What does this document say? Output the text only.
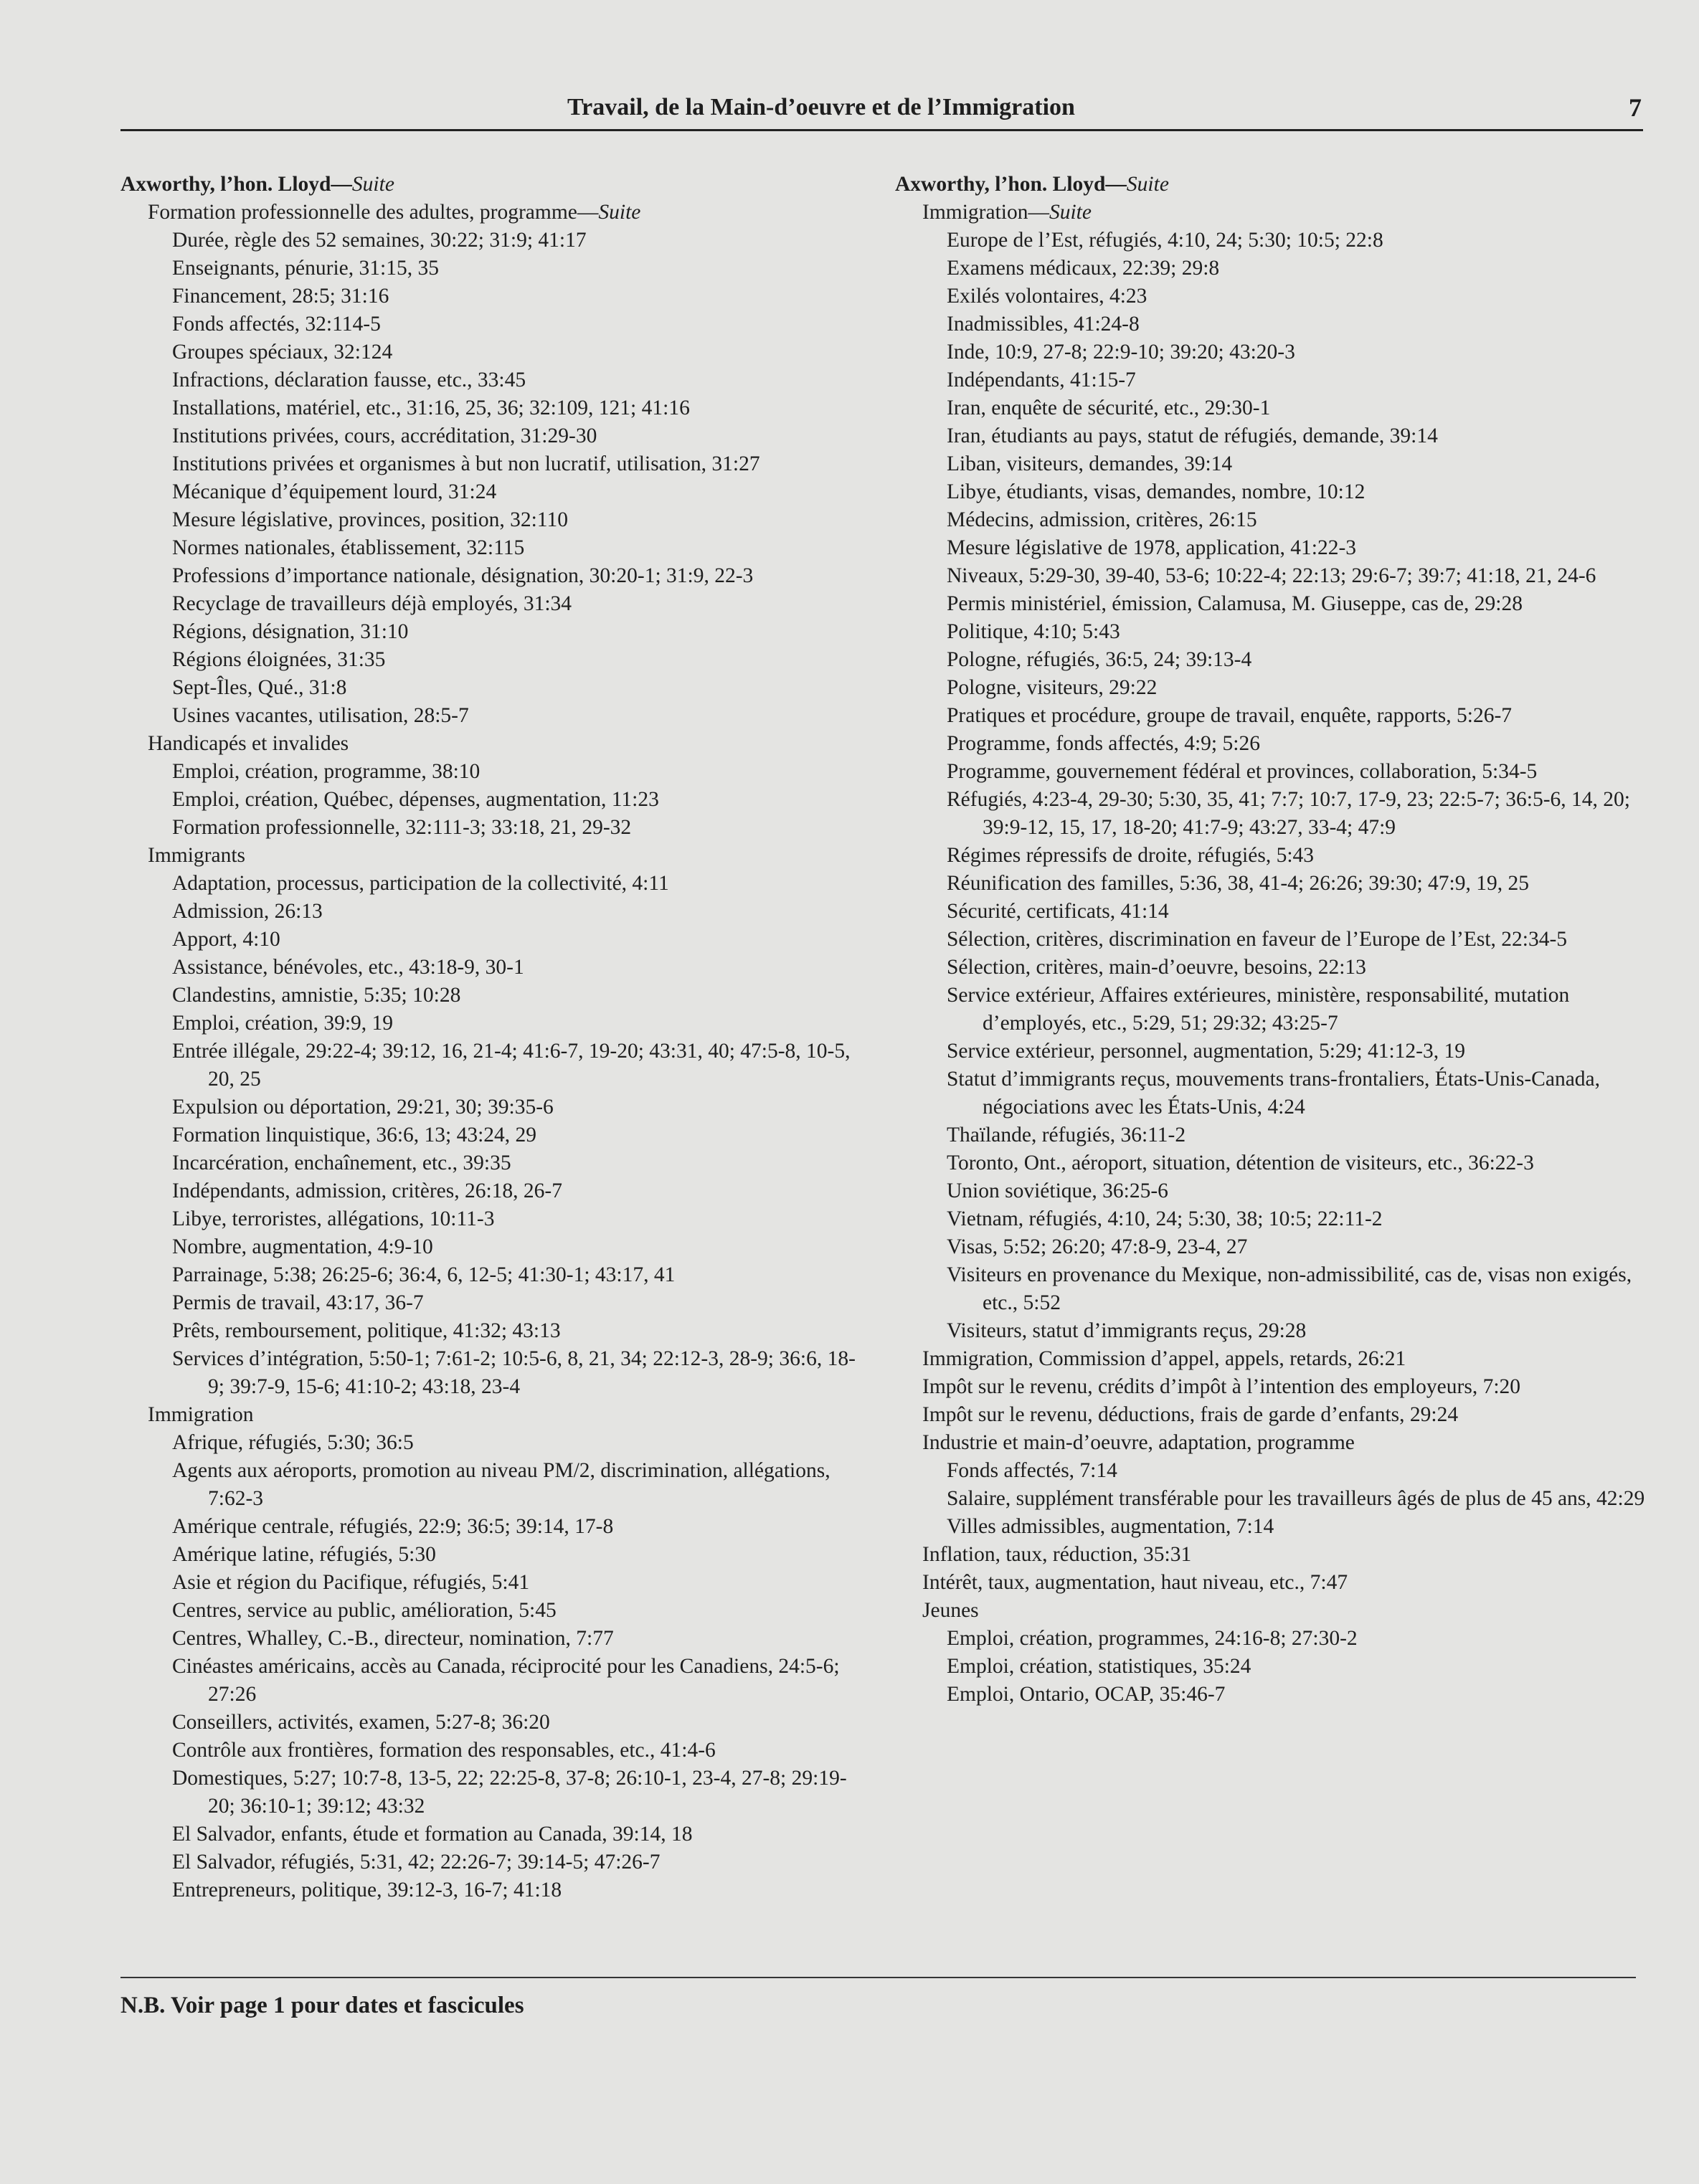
Travail, de la Main-d’oeuvre et de l’Immigration	7
Axworthy, l’hon. Lloyd—Suite
Formation professionnelle des adultes, programme—Suite
Durée, règle des 52 semaines, 30:22; 31:9; 41:17
Enseignants, pénurie, 31:15, 35
Financement, 28:5; 31:16
Fonds affectés, 32:114-5
Groupes spéciaux, 32:124
Infractions, déclaration fausse, etc., 33:45
Installations, matériel, etc., 31:16, 25, 36; 32:109, 121; 41:16
Institutions privées, cours, accréditation, 31:29-30
Institutions privées et organismes à but non lucratif, utilisation, 31:27
Mécanique d’équipement lourd, 31:24
Mesure législative, provinces, position, 32:110
Normes nationales, établissement, 32:115
Professions d’importance nationale, désignation, 30:20-1; 31:9, 22-3
Recyclage de travailleurs déjà employés, 31:34
Régions, désignation, 31:10
Régions éloignées, 31:35
Sept-Îles, Qué., 31:8
Usines vacantes, utilisation, 28:5-7
Handicapés et invalides
Emploi, création, programme, 38:10
Emploi, création, Québec, dépenses, augmentation, 11:23
Formation professionnelle, 32:111-3; 33:18, 21, 29-32
Immigrants
Adaptation, processus, participation de la collectivité, 4:11
Admission, 26:13
Apport, 4:10
Assistance, bénévoles, etc., 43:18-9, 30-1
Clandestins, amnistie, 5:35; 10:28
Emploi, création, 39:9, 19
Entrée illégale, 29:22-4; 39:12, 16, 21-4; 41:6-7, 19-20; 43:31, 40; 47:5-8, 10-5, 20, 25
Expulsion ou déportation, 29:21, 30; 39:35-6
Formation linquistique, 36:6, 13; 43:24, 29
Incarcération, enchaînement, etc., 39:35
Indépendants, admission, critères, 26:18, 26-7
Libye, terroristes, allégations, 10:11-3
Nombre, augmentation, 4:9-10
Parrainage, 5:38; 26:25-6; 36:4, 6, 12-5; 41:30-1; 43:17, 41
Permis de travail, 43:17, 36-7
Prêts, remboursement, politique, 41:32; 43:13
Services d’intégration, 5:50-1; 7:61-2; 10:5-6, 8, 21, 34; 22:12-3, 28-9; 36:6, 18-9; 39:7-9, 15-6; 41:10-2; 43:18, 23-4
Immigration
Afrique, réfugiés, 5:30; 36:5
Agents aux aéroports, promotion au niveau PM/2, discrimination, allégations, 7:62-3
Amérique centrale, réfugiés, 22:9; 36:5; 39:14, 17-8
Amérique latine, réfugiés, 5:30
Asie et région du Pacifique, réfugiés, 5:41
Centres, service au public, amélioration, 5:45
Centres, Whalley, C.-B., directeur, nomination, 7:77
Cinéastes américains, accès au Canada, réciprocité pour les Canadiens, 24:5-6; 27:26
Conseillers, activités, examen, 5:27-8; 36:20
Contrôle aux frontières, formation des responsables, etc., 41:4-6
Domestiques, 5:27; 10:7-8, 13-5, 22; 22:25-8, 37-8; 26:10-1, 23-4, 27-8; 29:19-20; 36:10-1; 39:12; 43:32
El Salvador, enfants, étude et formation au Canada, 39:14, 18
El Salvador, réfugiés, 5:31, 42; 22:26-7; 39:14-5; 47:26-7
Entrepreneurs, politique, 39:12-3, 16-7; 41:18
Axworthy, l’hon. Lloyd—Suite
Immigration—Suite
Europe de l’Est, réfugiés, 4:10, 24; 5:30; 10:5; 22:8
Examens médicaux, 22:39; 29:8
Exilés volontaires, 4:23
Inadmissibles, 41:24-8
Inde, 10:9, 27-8; 22:9-10; 39:20; 43:20-3
Indépendants, 41:15-7
Iran, enquête de sécurité, etc., 29:30-1
Iran, étudiants au pays, statut de réfugiés, demande, 39:14
Liban, visiteurs, demandes, 39:14
Libye, étudiants, visas, demandes, nombre, 10:12
Médecins, admission, critères, 26:15
Mesure législative de 1978, application, 41:22-3
Niveaux, 5:29-30, 39-40, 53-6; 10:22-4; 22:13; 29:6-7; 39:7; 41:18, 21, 24-6
Permis ministériel, émission, Calamusa, M. Giuseppe, cas de, 29:28
Politique, 4:10; 5:43
Pologne, réfugiés, 36:5, 24; 39:13-4
Pologne, visiteurs, 29:22
Pratiques et procédure, groupe de travail, enquête, rapports, 5:26-7
Programme, fonds affectés, 4:9; 5:26
Programme, gouvernement fédéral et provinces, collaboration, 5:34-5
Réfugiés, 4:23-4, 29-30; 5:30, 35, 41; 7:7; 10:7, 17-9, 23; 22:5-7; 36:5-6, 14, 20; 39:9-12, 15, 17, 18-20; 41:7-9; 43:27, 33-4; 47:9
Régimes répressifs de droite, réfugiés, 5:43
Réunification des familles, 5:36, 38, 41-4; 26:26; 39:30; 47:9, 19, 25
Sécurité, certificats, 41:14
Sélection, critères, discrimination en faveur de l’Europe de l’Est, 22:34-5
Sélection, critères, main-d’oeuvre, besoins, 22:13
Service extérieur, Affaires extérieures, ministère, responsabilité, mutation d’employés, etc., 5:29, 51; 29:32; 43:25-7
Service extérieur, personnel, augmentation, 5:29; 41:12-3, 19
Statut d’immigrants reçus, mouvements trans-frontaliers, États-Unis-Canada, négociations avec les États-Unis, 4:24
Thaïlande, réfugiés, 36:11-2
Toronto, Ont., aéroport, situation, détention de visiteurs, etc., 36:22-3
Union soviétique, 36:25-6
Vietnam, réfugiés, 4:10, 24; 5:30, 38; 10:5; 22:11-2
Visas, 5:52; 26:20; 47:8-9, 23-4, 27
Visiteurs en provenance du Mexique, non-admissibilité, cas de, visas non exigés, etc., 5:52
Visiteurs, statut d’immigrants reçus, 29:28
Immigration, Commission d’appel, appels, retards, 26:21
Impôt sur le revenu, crédits d’impôt à l’intention des employeurs, 7:20
Impôt sur le revenu, déductions, frais de garde d’enfants, 29:24
Industrie et main-d’oeuvre, adaptation, programme
Fonds affectés, 7:14
Salaire, supplément transférable pour les travailleurs âgés de plus de 45 ans, 42:29
Villes admissibles, augmentation, 7:14
Inflation, taux, réduction, 35:31
Intérêt, taux, augmentation, haut niveau, etc., 7:47
Jeunes
Emploi, création, programmes, 24:16-8; 27:30-2
Emploi, création, statistiques, 35:24
Emploi, Ontario, OCAP, 35:46-7
N.B. Voir page 1 pour dates et fascicules
